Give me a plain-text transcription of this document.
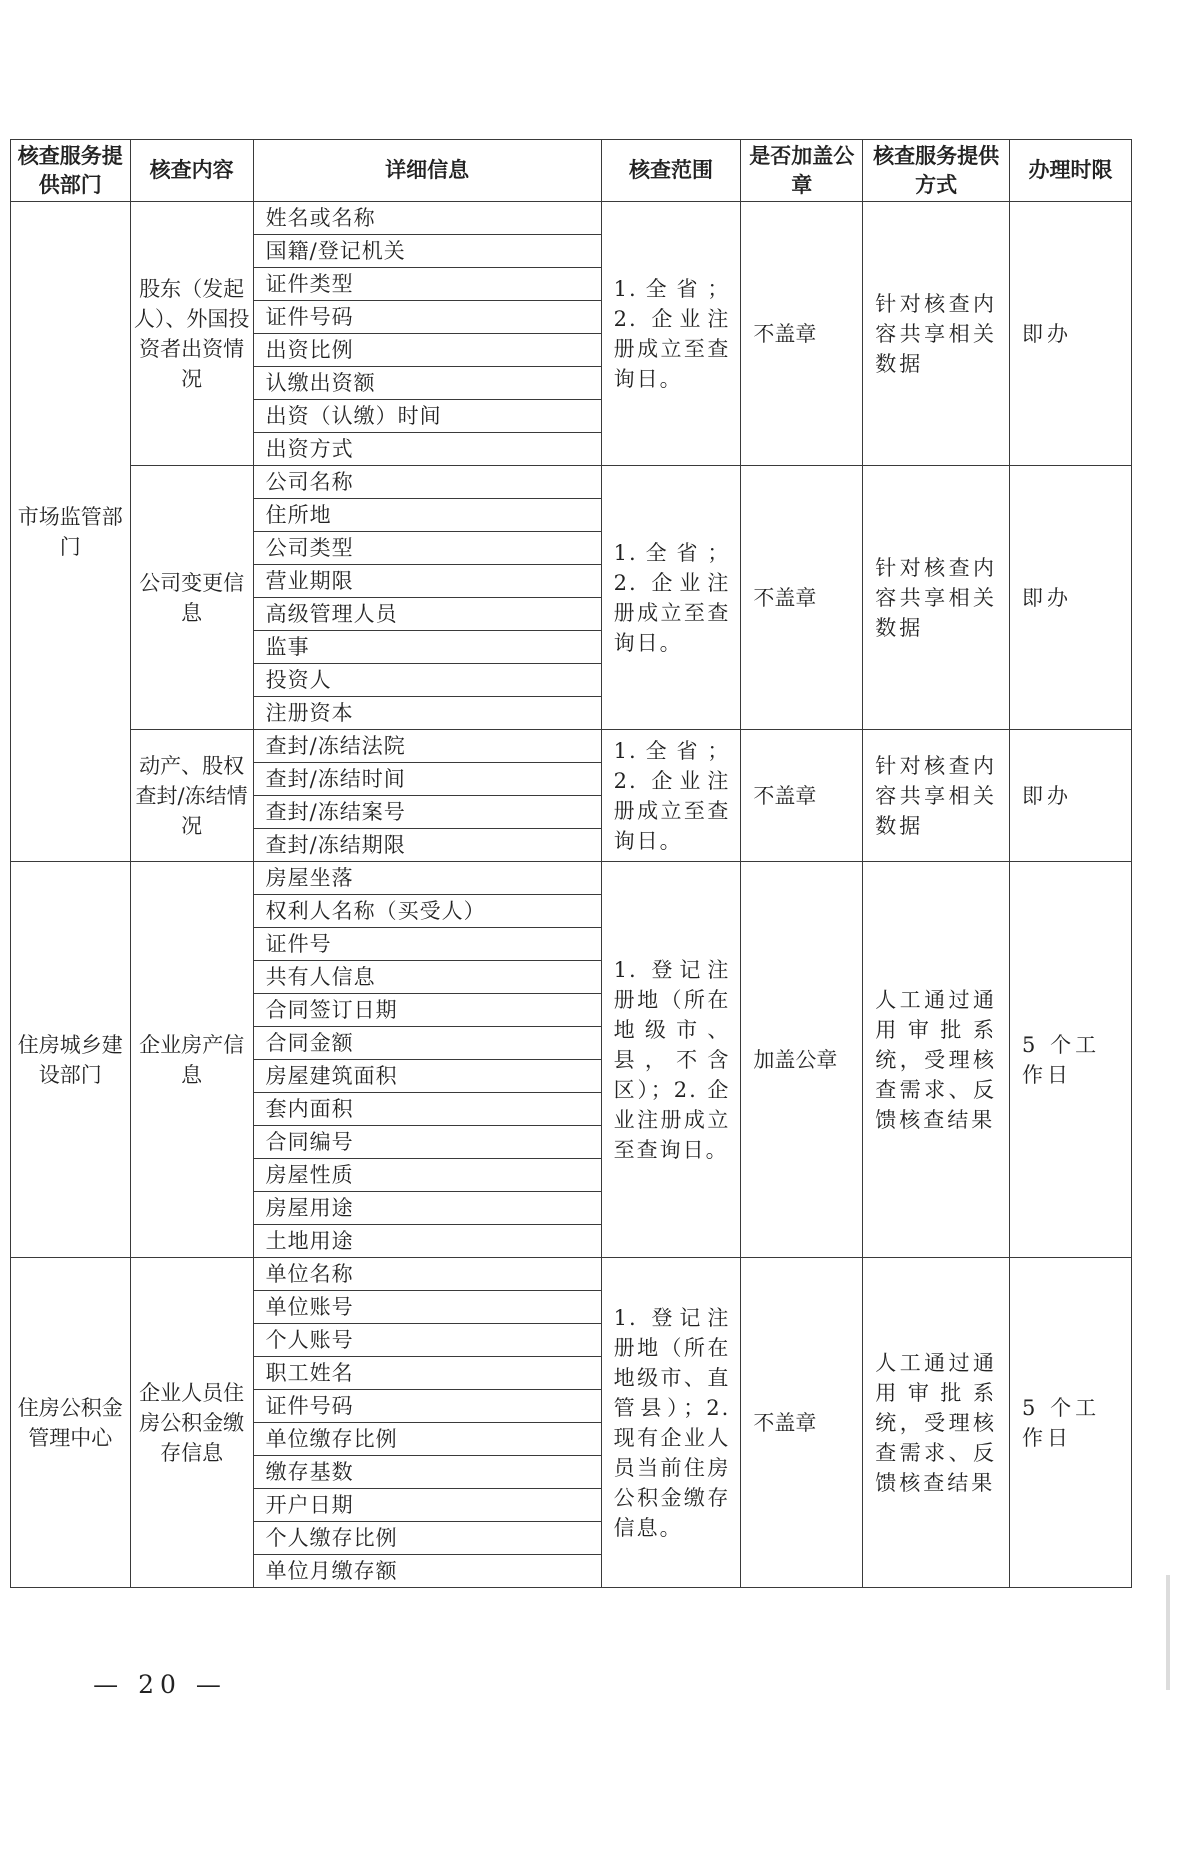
核查服务提供部门	核查内容	详细信息	核查范围	是否加盖公章	核查服务提供方式	办理时限
市场监管部门	股东（发起人）、外国投资者出资情况	姓名或名称	1.全省；2. 企业注册成立至查询日。	不盖章	针对核查内容共享相关数据	即办
		国籍/登记机关				
		证件类型				
		证件号码				
		出资比例				
		认缴出资额				
		出资（认缴）时间				
		出资方式				
	公司变更信息	公司名称	1.全省；2. 企业注册成立至查询日。	不盖章	针对核查内容共享相关数据	即办
		住所地				
		公司类型				
		营业期限				
		高级管理人员				
		监事				
		投资人				
		注册资本				
	动产、股权查封/冻结情况	查封/冻结法院	1.全省；2. 企业注册成立至查询日。	不盖章	针对核查内容共享相关数据	即办
		查封/冻结时间				
		查封/冻结案号				
		查封/冻结期限				
住房城乡建设部门	企业房产信息	房屋坐落	1. 登记注册地（所在地级市、县，不含区）；2. 企业注册成立至查询日。	加盖公章	人工通过通用审批系统，受理核查需求、反馈核查结果	5 个工作日
		权利人名称（买受人）				
		证件号				
		共有人信息				
		合同签订日期				
		合同金额				
		房屋建筑面积				
		套内面积				
		合同编号				
		房屋性质				
		房屋用途				
		土地用途				
住房公积金管理中心	企业人员住房公积金缴存信息	单位名称	1. 登记注册地（所在地级市、直管县）；2. 现有企业人员当前住房公积金缴存信息。	不盖章	人工通过通用审批系统，受理核查需求、反馈核查结果	5 个工作日
		单位账号				
		个人账号				
		职工姓名				
		证件号码				
		单位缴存比例				
		缴存基数				
		开户日期				
		个人缴存比例				
		单位月缴存额				
— 20 —
